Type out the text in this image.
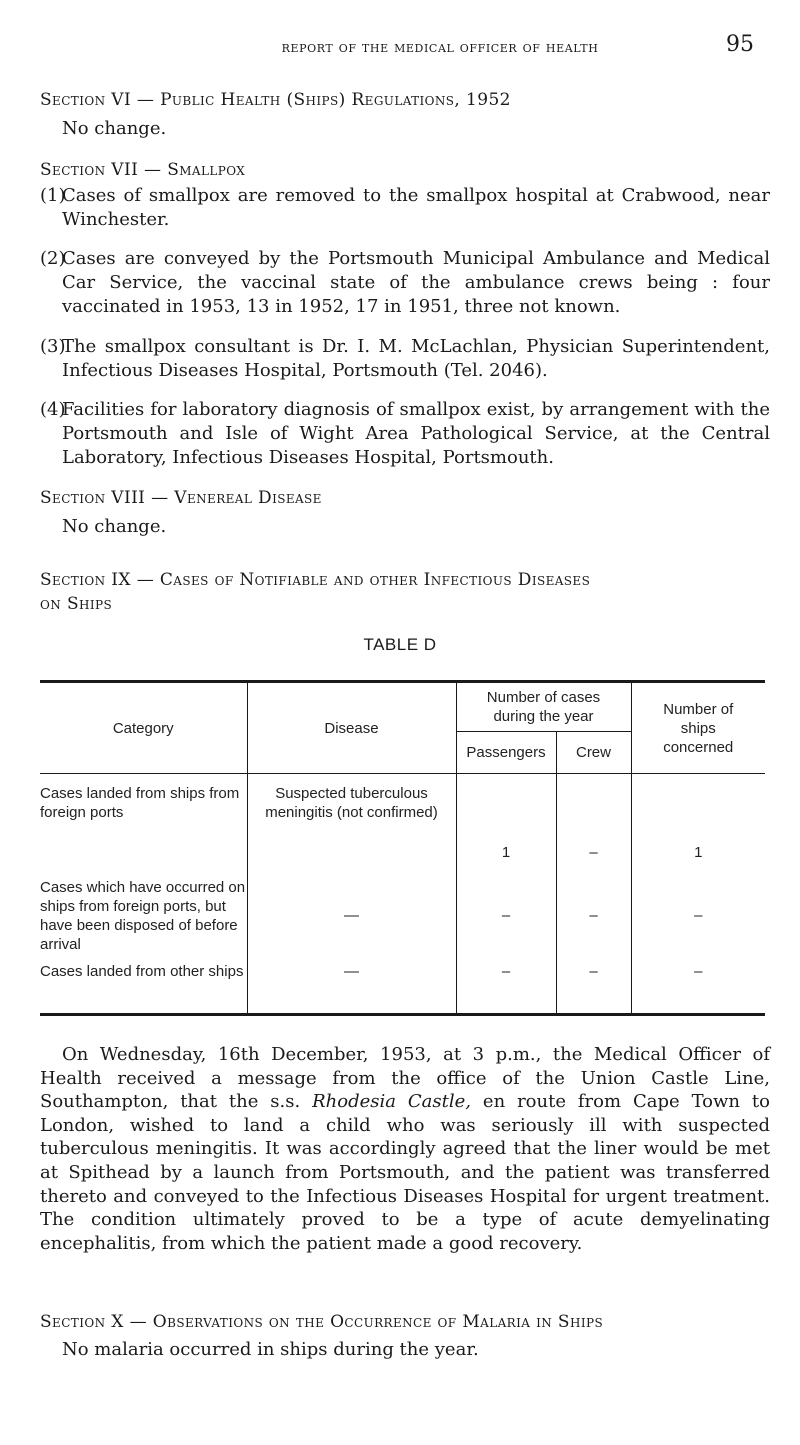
report of the medical officer of health	95
Section VI — Public Health (Ships) Regulations, 1952
No change.
Section VII — Smallpox
(1)
Cases of smallpox are removed to the smallpox hospital at Crabwood, near Winchester.
(2)
Cases are conveyed by the Portsmouth Municipal Ambulance and Medical Car Service, the vaccinal state of the ambulance crews being : four vaccinated in 1953, 13 in 1952, 17 in 1951, three not known.
(3)
The smallpox consultant is Dr. I. M. McLachlan, Physician Superintendent, Infectious Diseases Hospital, Portsmouth (Tel. 2046).
(4)
Facilities for laboratory diagnosis of smallpox exist, by arrangement with the Portsmouth and Isle of Wight Area Pathological Service, at the Central Laboratory, Infectious Diseases Hospital, Portsmouth.
Section VIII — Venereal Disease
No change.
Section IX — Cases of Notifiable and other Infectious Diseases
on Ships
TABLE D
Category	Disease	Number of cases during the year		Number of ships concerned
		Passengers	Crew	
Cases landed from ships from foreign ports	Suspected tuberculous meningitis (not confirmed)	1	–	1
Cases which have occurred on ships from foreign ports, but have been disposed of before arrival	—	–	–	–
Cases landed from other ships	—	–	–	–
On Wednesday, 16th December, 1953, at 3 p.m., the Medical Officer of Health received a message from the office of the Union Castle Line, Southampton, that the s.s. Rhodesia Castle, en route from Cape Town to London, wished to land a child who was seriously ill with suspected tuberculous meningitis. It was accordingly agreed that the liner would be met at Spithead by a launch from Portsmouth, and the patient was transferred thereto and conveyed to the Infectious Diseases Hospital for urgent treatment. The condition ultimately proved to be a type of acute demyelinating encephalitis, from which the patient made a good recovery.
Section X — Observations on the Occurrence of Malaria in Ships
No malaria occurred in ships during the year.
